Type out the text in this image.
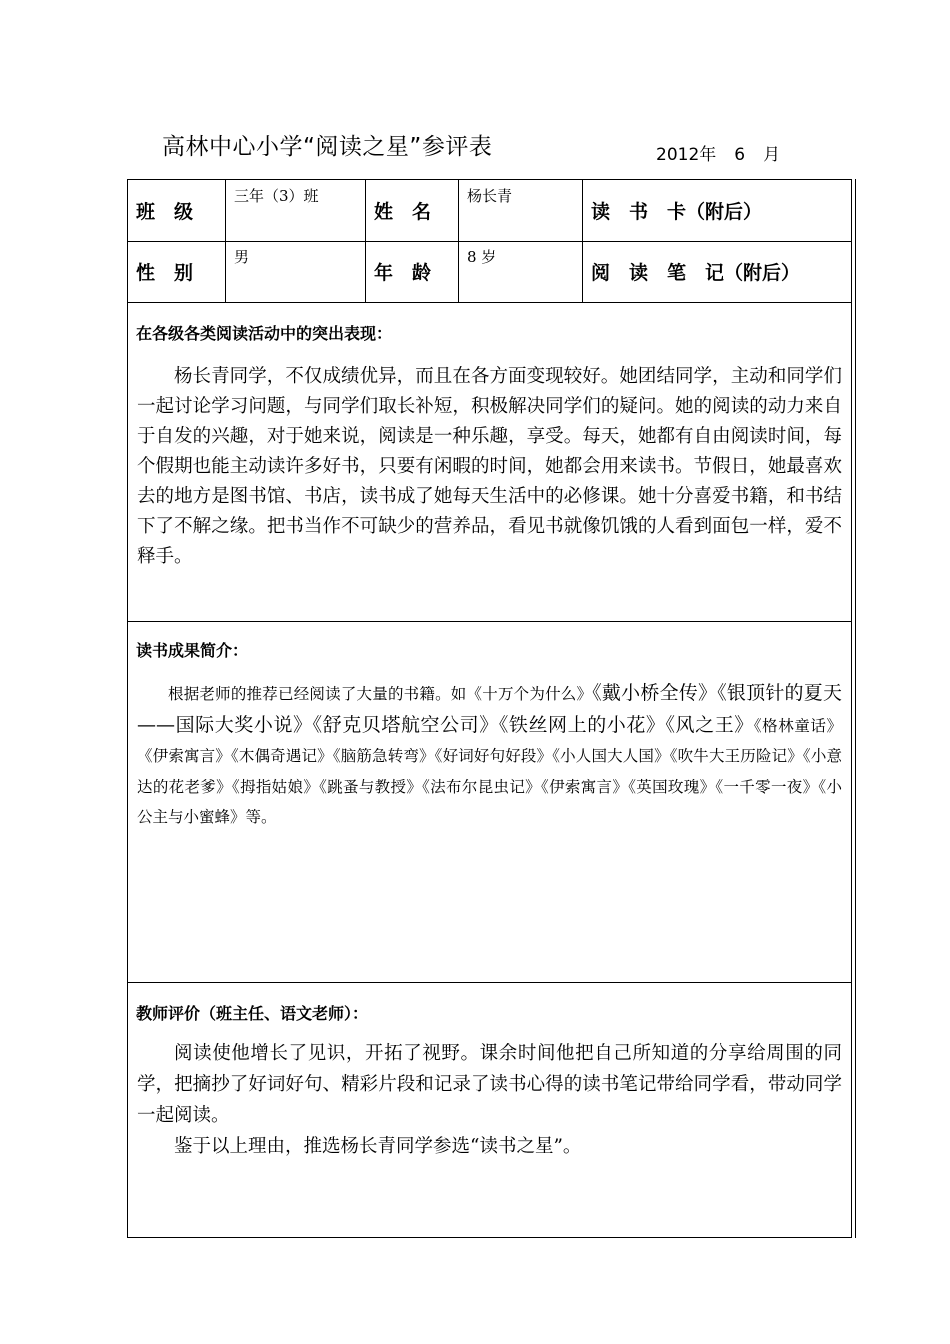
高林中心小学“阅读之星”参评表	2012年 6 月
班　级
三年（3）班
姓　名
杨长青
读　书　卡（附后）
性　别
男
年　龄
8 岁
阅　读　笔　记（附后）
在各级各类阅读活动中的突出表现：

杨长青同学，不仅成绩优异，而且在各方面变现较好。她团结同学，主动和同学们一起讨论学习问题，与同学们取长补短，积极解决同学们的疑问。她的阅读的动力来自于自发的兴趣，对于她来说，阅读是一种乐趣，享受。每天，她都有自由阅读时间，每个假期也能主动读许多好书，只要有闲暇的时间，她都会用来读书。节假日，她最喜欢去的地方是图书馆、书店，读书成了她每天生活中的必修课。她十分喜爱书籍，和书结下了不解之缘。把书当作不可缺少的营养品，看见书就像饥饿的人看到面包一样，爱不释手。

读书成果简介：
根据老师的推荐已经阅读了大量的书籍。如《十万个为什么》《戴小桥全传》《银顶针的夏天——国际大奖小说》《舒克贝塔航空公司》《铁丝网上的小花》《风之王》《格林童话》《伊索寓言》《木偶奇遇记》《脑筋急转弯》《好词好句好段》《小人国大人国》《吹牛大王历险记》《小意达的花老爹》《拇指姑娘》《跳蚤与教授》《法布尔昆虫记》《伊索寓言》《英国玫瑰》《一千零一夜》《小公主与小蜜蜂》等。
教师评价（班主任、语文老师）：

阅读使他增长了见识，开拓了视野。课余时间他把自己所知道的分享给周围的同学，把摘抄了好词好句、精彩片段和记录了读书心得的读书笔记带给同学看，带动同学一起阅读。

鉴于以上理由，推选杨长青同学参选“读书之星”。
